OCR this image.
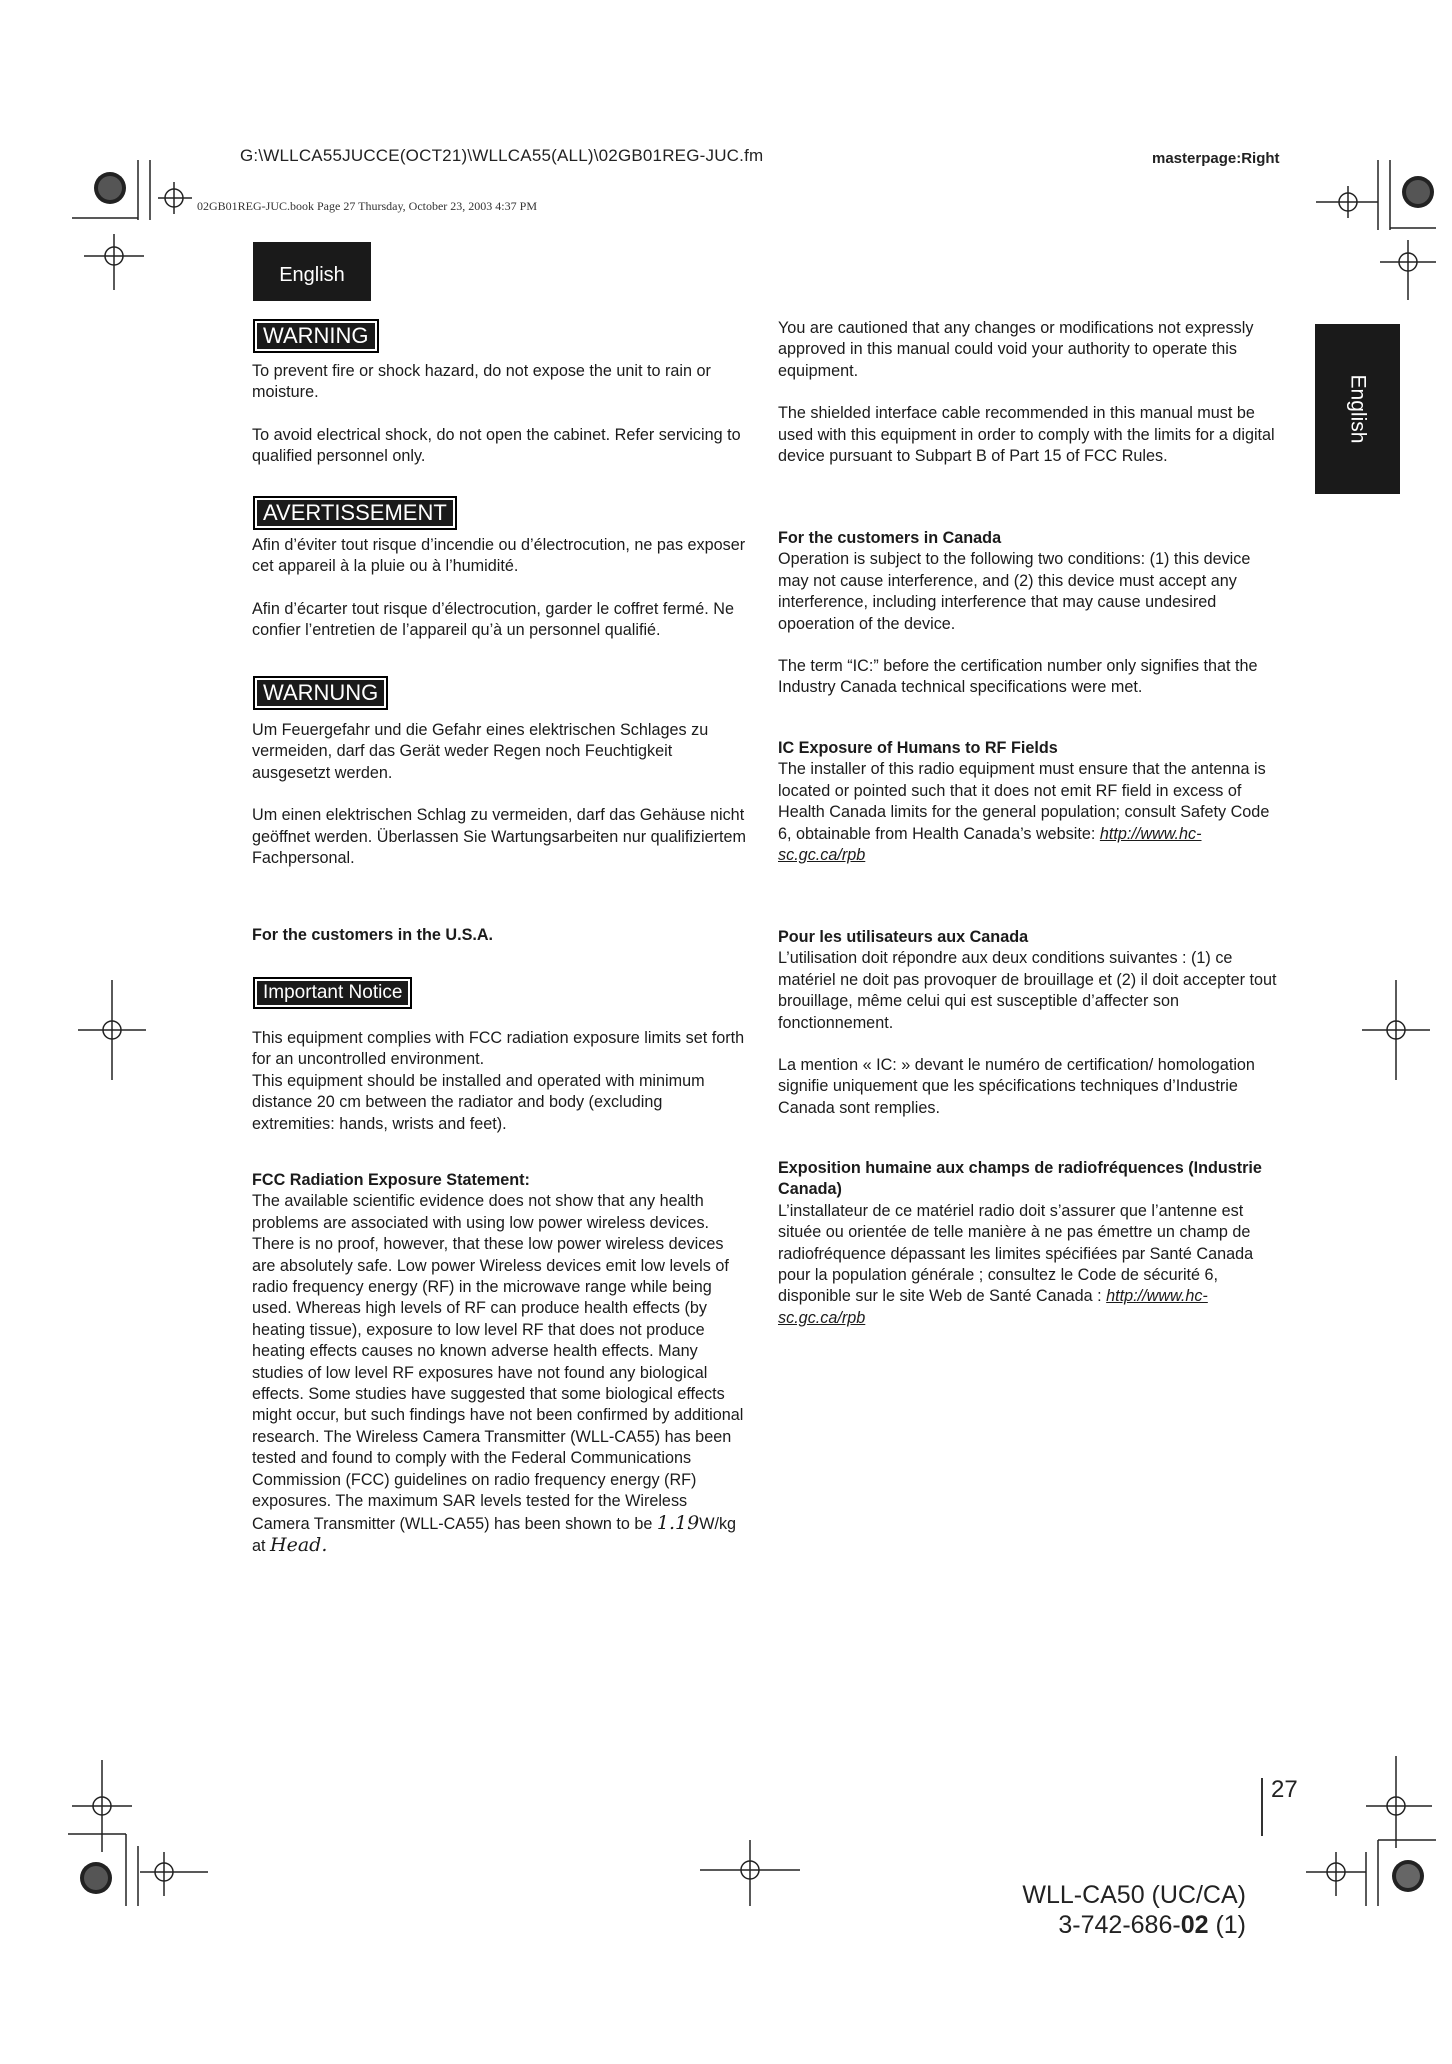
G:\WLLCA55JUCCE(OCT21)\WLLCA55(ALL)\02GB01REG-JUC.fm	masterpage:Right
02GB01REG-JUC.book Page 27 Thursday, October 23, 2003 4:37 PM
English
English
WARNING

To prevent fire or shock hazard, do not expose the unit to rain or moisture.

To avoid electrical shock, do not open the cabinet. Refer servicing to qualified personnel only.

AVERTISSEMENT

Afin d’éviter tout risque d’incendie ou d’électrocution, ne pas exposer cet appareil à la pluie ou à l’humidité.

Afin d’écarter tout risque d’électrocution, garder le coffret fermé. Ne confier l’entretien de l’appareil qu’à un personnel qualifié.

WARNUNG

Um Feuergefahr und die Gefahr eines elektrischen Schlages zu vermeiden, darf das Gerät weder Regen noch Feuchtigkeit ausgesetzt werden.

Um einen elektrischen Schlag zu vermeiden, darf das Gehäuse nicht geöffnet werden. Überlassen Sie Wartungsarbeiten nur qualifiziertem Fachpersonal.

For the customers in the U.S.A.
Important Notice

This equipment complies with FCC radiation exposure limits set forth for an uncontrolled environment.

This equipment should be installed and operated with minimum distance 20 cm between the radiator and body (excluding extremities: hands, wrists and feet).

FCC Radiation Exposure Statement:

The available scientific evidence does not show that any health problems are associated with using low power wireless devices. There is no proof, however, that these low power wireless devices are absolutely safe. Low power Wireless devices emit low levels of radio frequency energy (RF) in the microwave range while being used. Whereas high levels of RF can produce health effects (by heating tissue), exposure to low level RF that does not produce heating effects causes no known adverse health effects. Many studies of low level RF exposures have not found any biological effects. Some studies have suggested that some biological effects might occur, but such findings have not been confirmed by additional research. The Wireless Camera Transmitter (WLL-CA55) has been tested and found to comply with the Federal Communications Commission (FCC) guidelines on radio frequency energy (RF) exposures. The maximum SAR levels tested for the Wireless Camera Transmitter (WLL-CA55) has been shown to be 1.19W/kg at Head.

You are cautioned that any changes or modifications not expressly approved in this manual could void your authority to operate this equipment.

The shielded interface cable recommended in this manual must be used with this equipment in order to comply with the limits for a digital device pursuant to Subpart B of Part 15 of FCC Rules.

For the customers in Canada

Operation is subject to the following two conditions: (1) this device may not cause interference, and (2) this device must accept any interference, including interference that may cause undesired opoeration of the device.

The term “IC:” before the certification number only signifies that the Industry Canada technical specifications were met.

IC Exposure of Humans to RF Fields

The installer of this radio equipment must ensure that the antenna is located or pointed such that it does not emit RF field in excess of Health Canada limits for the general population; consult Safety Code 6, obtainable from Health Canada’s website: http://www.hc-sc.gc.ca/rpb

Pour les utilisateurs aux Canada

L’utilisation doit répondre aux deux conditions suivantes : (1) ce matériel ne doit pas provoquer de brouillage et (2) il doit accepter tout brouillage, même celui qui est susceptible d’affecter son fonctionnement.

La mention « IC: » devant le numéro de certification/ homologation signifie uniquement que les spécifications techniques d’Industrie Canada sont remplies.

Exposition humaine aux champs de radiofréquences (Industrie Canada)

L’installateur de ce matériel radio doit s’assurer que l’antenne est située ou orientée de telle manière à ne pas émettre un champ de radiofréquence dépassant les limites spécifiées par Santé Canada pour la population générale ; consultez le Code de sécurité 6, disponible sur le site Web de Santé Canada : http://www.hc-sc.gc.ca/rpb

27
WLL-CA50 (UC/CA)
3-742-686-02 (1)
